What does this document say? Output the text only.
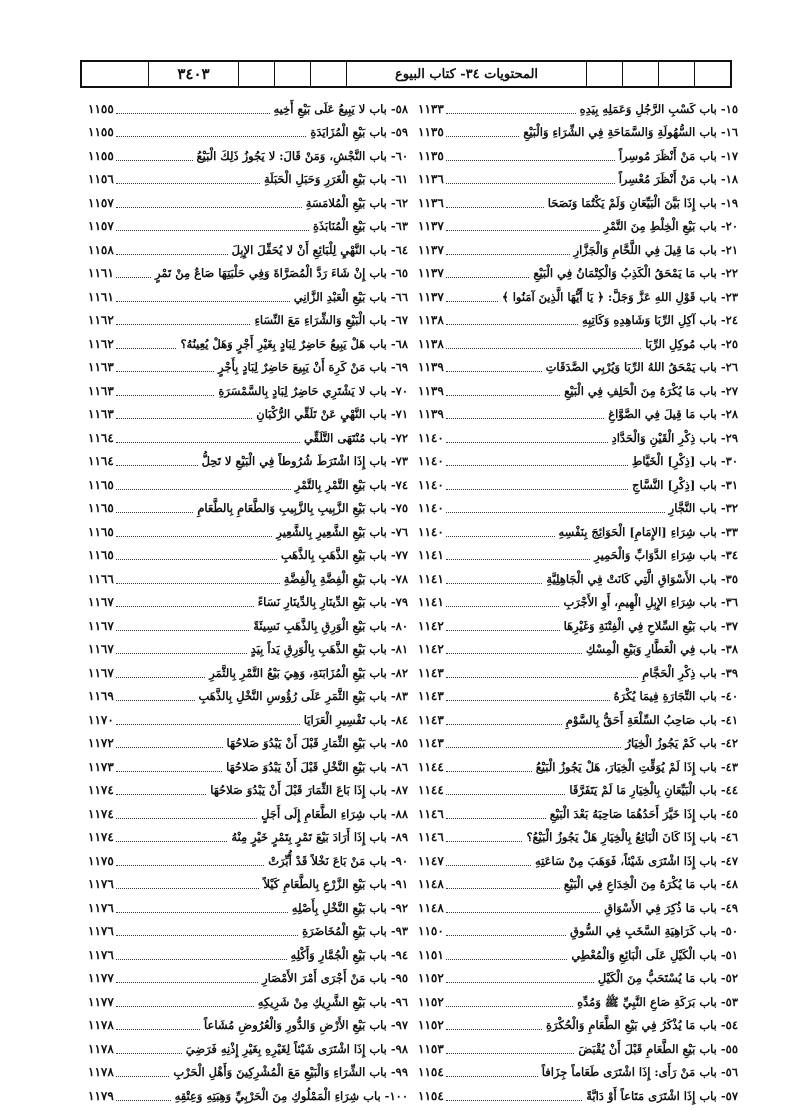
المحتويات ٣٤- كتاب البيوع
٣٤٠٣
١٥- باب كَسْبِ الرَّجُلِ وَعَمَلِهِ بِيَدِهِ
١١٣٣
١٦- باب السُّهُولَةِ وَالسَّمَاحَةِ فِي الشِّرَاءِ وَالْبَيْعِ
١١٣٥
١٧- باب مَنْ أَنْظَرَ مُوسِراً
١١٣٥
١٨- باب مَنْ أَنْظَرَ مُعْسِراً
١١٣٦
١٩- باب إِذَا بَيَّنَ الْبَيِّعَانِ وَلَمْ يَكْتُمَا وَنَصَحَا
١١٣٦
٢٠- باب بَيْعِ الْخِلْطِ مِنَ التَّمْرِ
١١٣٧
٢١- باب مَا قِيلَ فِي اللَّحَّامِ وَالْجَزَّارِ
١١٣٧
٢٢- باب مَا يَمْحَقُ الْكَذِبُ وَالْكِتْمَانُ فِي الْبَيْعِ
١١٣٧
٢٣- باب قَوْلِ اللهِ عَزَّ وَجَلَّ: ﴿ يَا أَيُّهَا الَّذِينَ آمَنُوا ﴾
١١٣٧
٢٤- باب آكِلِ الرِّبَا وَشَاهِدِهِ وَكَاتِبِهِ
١١٣٨
٢٥- باب مُوكِلِ الرِّبَا
١١٣٨
٢٦- باب يَمْحَقُ اللهُ الرِّبَا وَيُرْبِي الصَّدَقَاتِ
١١٣٩
٢٧- باب مَا يُكْرَهُ مِنَ الْحَلِفِ فِي الْبَيْعِ
١١٣٩
٢٨- باب مَا قِيلَ فِي الصَّوَّاغِ
١١٣٩
٢٩- باب ذِكْرِ الْقَيْنِ وَالْحَدَّادِ
١١٤٠
٣٠- باب [ذِكْرِ] الْخَيَّاطِ
١١٤٠
٣١- باب [ذِكْرِ] النَّسَّاجِ
١١٤٠
٣٢- باب النَّجَّارِ
١١٤٠
٣٣- باب شِرَاءِ [الإِمَامِ] الْحَوَائِجَ بِنَفْسِهِ
١١٤٠
٣٤- باب شِرَاءِ الدَّوَابِّ وَالْحَمِيرِ
١١٤١
٣٥- باب الأَسْوَاقِ الَّتِي كَانَتْ فِي الْجَاهِلِيَّةِ
١١٤١
٣٦- باب شِرَاءِ الإِبِلِ الْهِيمِ، أَوِ الأَجْرَبِ
١١٤١
٣٧- باب بَيْعِ السِّلاحِ فِي الْفِتْنَةِ وَغَيْرِهَا
١١٤٢
٣٨- باب فِي الْعَطَّارِ وَبَيْعِ الْمِسْكِ
١١٤٢
٣٩- باب ذِكْرِ الْحَجَّامِ
١١٤٣
٤٠- باب التِّجَارَةِ فِيمَا يُكْرَهُ
١١٤٣
٤١- باب صَاحِبُ السِّلْعَةِ أَحَقُّ بِالسَّوْمِ
١١٤٣
٤٢- باب كَمْ يَجُوزُ الْخِيَارُ
١١٤٣
٤٣- باب إِذَا لَمْ يُوَقِّتِ الْخِيَارَ، هَلْ يَجُوزُ الْبَيْعُ
١١٤٤
٤٤- باب الْبَيِّعَانِ بِالْخِيَارِ مَا لَمْ يَتَفَرَّقَا
١١٤٤
٤٥- باب إِذَا خَيَّرَ أَحَدُهُمَا صَاحِبَهُ بَعْدَ الْبَيْعِ
١١٤٦
٤٦- باب إِذَا كَانَ الْبَائِعُ بِالْخِيَارِ هَلْ يَجُوزُ الْبَيْعُ؟
١١٤٦
٤٧- باب إِذَا اشْتَرَى شَيْئاً، فَوَهَبَ مِنْ سَاعَتِهِ
١١٤٧
٤٨- باب مَا يُكْرَهُ مِنَ الْخِدَاعِ فِي الْبَيْعِ
١١٤٨
٤٩- باب مَا ذُكِرَ فِي الأَسْوَاقِ
١١٤٨
٥٠- باب كَرَاهِيَةِ السَّخَبِ فِي السُّوقِ
١١٥٠
٥١- باب الْكَيْلِ عَلَى الْبَائِعِ وَالْمُعْطِي
١١٥١
٥٢- باب مَا يُسْتَحَبُّ مِنَ الْكَيْلِ
١١٥٢
٥٣- باب بَرَكَةِ صَاعِ النَّبِيِّ ﷺ وَمُدِّهِ
١١٥٢
٥٤- باب مَا يُذْكَرُ فِي بَيْعِ الطَّعَامِ وَالْحُكْرَةِ
١١٥٢
٥٥- باب بَيْعِ الطَّعَامِ قَبْلَ أَنْ يُقْبَضَ
١١٥٣
٥٦- باب مَنْ رَأَى: إِذَا اشْتَرَى طَعَاماً جِزَافاً
١١٥٤
٥٧- باب إِذَا اشْتَرَى مَتَاعاً أَوْ دَابَّةً
١١٥٤
٥٨- باب لا يَبِيعُ عَلَى بَيْعِ أَخِيهِ
١١٥٥
٥٩- باب بَيْعِ الْمُزَايَدَةِ
١١٥٥
٦٠- باب النَّجْشِ، وَمَنْ قَالَ: لا يَجُوزُ ذَلِكَ الْبَيْعُ
١١٥٥
٦١- باب بَيْعِ الْغَرَرِ وَحَبَلِ الْحَبَلَةِ
١١٥٦
٦٢- باب بَيْعِ الْمُلامَسَةِ
١١٥٧
٦٣- باب بَيْعِ الْمُنَابَذَةِ
١١٥٧
٦٤- باب النَّهْيِ لِلْبَائِعِ أَنْ لا يُحَفِّلَ الإِبِلَ
١١٥٨
٦٥- باب إِنْ شَاءَ رَدَّ الْمُصَرَّاةَ وَفِي حَلْبَتِهَا صَاعٌ مِنْ تَمْرٍ
١١٦١
٦٦- باب بَيْعِ الْعَبْدِ الزَّانِي
١١٦١
٦٧- باب الْبَيْعِ وَالشِّرَاءِ مَعَ النِّسَاءِ
١١٦٢
٦٨- باب هَلْ يَبِيعُ حَاضِرٌ لِبَادٍ بِغَيْرِ أَجْرٍ وَهَلْ يُعِينُهُ؟
١١٦٢
٦٩- باب مَنْ كَرِهَ أَنْ يَبِيعَ حَاضِرٌ لِبَادٍ بِأَجْرٍ
١١٦٣
٧٠- باب لا يَشْتَرِي حَاضِرٌ لِبَادٍ بِالسَّمْسَرَةِ
١١٦٣
٧١- باب النَّهْيِ عَنْ تَلَقِّي الرُّكْبَانِ
١١٦٣
٧٢- باب مُنْتَهَى التَّلَقِّي
١١٦٤
٧٣- باب إِذَا اشْتَرَطَ شُرُوطاً فِي الْبَيْعِ لا تَحِلُّ
١١٦٤
٧٤- باب بَيْعِ التَّمْرِ بِالتَّمْرِ
١١٦٥
٧٥- باب بَيْعِ الزَّبِيبِ بِالزَّبِيبِ وَالطَّعَامِ بِالطَّعَامِ
١١٦٥
٧٦- باب بَيْعِ الشَّعِيرِ بِالشَّعِيرِ
١١٦٥
٧٧- باب بَيْعِ الذَّهَبِ بِالذَّهَبِ
١١٦٥
٧٨- باب بَيْعِ الْفِضَّةِ بِالْفِضَّةِ
١١٦٦
٧٩- باب بَيْعِ الدِّينَارِ بِالدِّينَارِ نَسَاءً
١١٦٧
٨٠- باب بَيْعِ الْوَرِقِ بِالذَّهَبِ نَسِيئَةً
١١٦٧
٨١- باب بَيْعِ الذَّهَبِ بِالْوَرِقِ يَداً بِيَدٍ
١١٦٧
٨٢- باب بَيْعِ الْمُزَابَنَةِ، وَهِيَ بَيْعُ التَّمْرِ بِالثَّمَرِ
١١٦٧
٨٣- باب بَيْعِ الثَّمَرِ عَلَى رُؤُوسِ النَّخْلِ بِالذَّهَبِ
١١٦٩
٨٤- باب تَفْسِيرِ الْعَرَايَا
١١٧٠
٨٥- باب بَيْعِ الثِّمَارِ قَبْلَ أَنْ يَبْدُوَ صَلاحُهَا
١١٧٢
٨٦- باب بَيْعِ النَّخْلِ قَبْلَ أَنْ يَبْدُوَ صَلاحُهَا
١١٧٣
٨٧- باب إِذَا بَاعَ الثِّمَارَ قَبْلَ أَنْ يَبْدُوَ صَلاحُهَا
١١٧٤
٨٨- باب شِرَاءِ الطَّعَامِ إِلَى أَجَلٍ
١١٧٤
٨٩- باب إِذَا أَرَادَ بَيْعَ تَمْرٍ بِتَمْرٍ خَيْرٍ مِنْهُ
١١٧٤
٩٠- باب مَنْ بَاعَ نَخْلاً قَدْ أُبِّرَتْ
١١٧٥
٩١- باب بَيْعِ الزَّرْعِ بِالطَّعَامِ كَيْلاً
١١٧٦
٩٢- باب بَيْعِ النَّخْلِ بِأَصْلِهِ
١١٧٦
٩٣- باب بَيْعِ الْمُخَاضَرَةِ
١١٧٦
٩٤- باب بَيْعِ الْجُمَّارِ وَأَكْلِهِ
١١٧٦
٩٥- باب مَنْ أَجْرَى أَمْرَ الأَمْصَارِ
١١٧٧
٩٦- باب بَيْعِ الشَّرِيكِ مِنْ شَرِيكِهِ
١١٧٧
٩٧- باب بَيْعِ الأَرْضِ وَالدُّورِ وَالْعُرُوضِ مُشَاعاً
١١٧٨
٩٨- باب إِذَا اشْتَرَى شَيْئاً لِغَيْرِهِ بِغَيْرِ إِذْنِهِ فَرَضِيَ
١١٧٨
٩٩- باب الشِّرَاءِ وَالْبَيْعِ مَعَ الْمُشْرِكِينَ وَأَهْلِ الْحَرْبِ
١١٧٨
١٠٠- باب شِرَاءِ الْمَمْلُوكِ مِنَ الْحَرْبِيِّ وَهِبَتِهِ وَعِتْقِهِ
١١٧٩
